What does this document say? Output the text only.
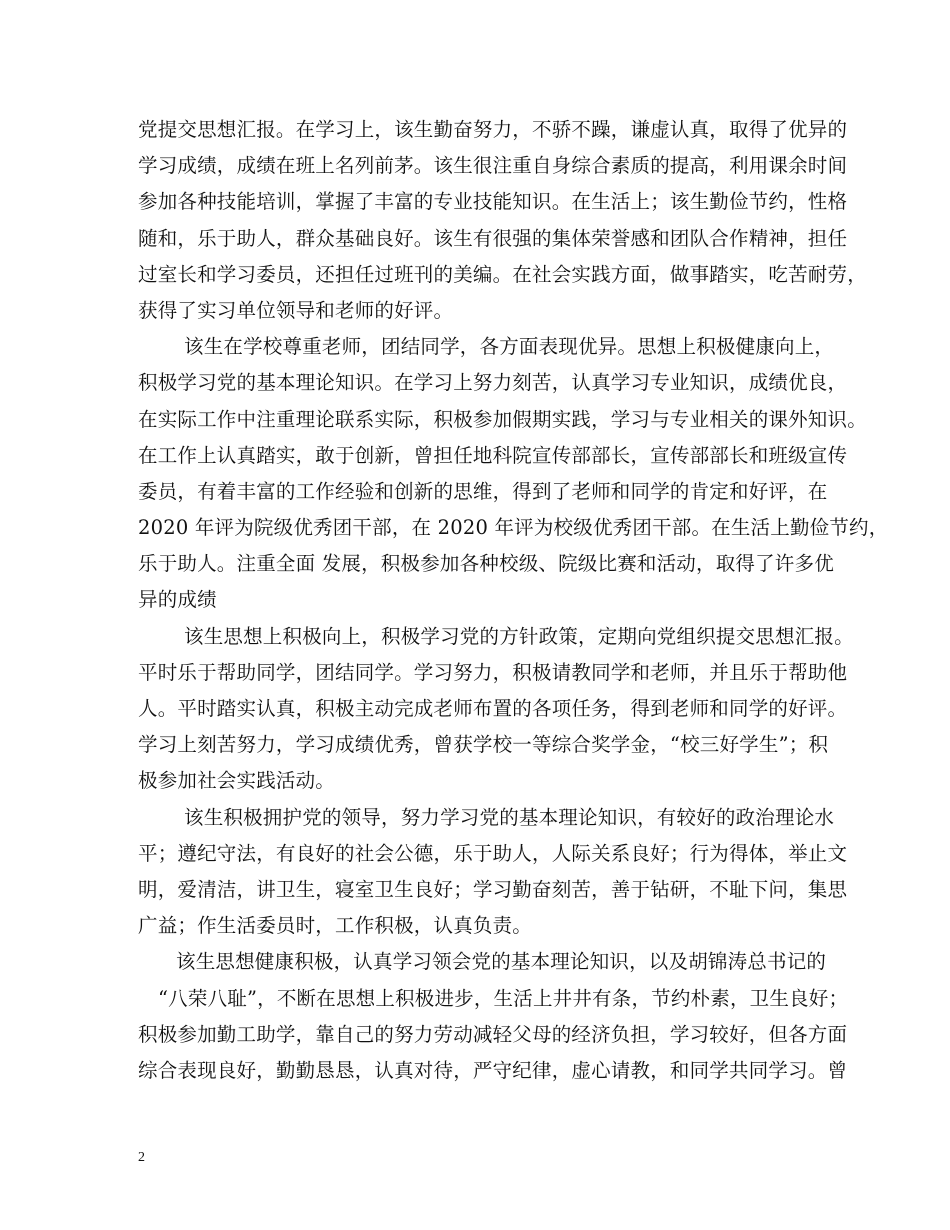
党提交思想汇报。在学习上，该生勤奋努力，不骄不躁，谦虚认真，取得了优异的
学习成绩，成绩在班上名列前茅。该生很注重自身综合素质的提高，利用课余时间
参加各种技能培训，掌握了丰富的专业技能知识。在生活上；该生勤俭节约，性格
随和，乐于助人，群众基础良好。该生有很强的集体荣誉感和团队合作精神，担任
过室长和学习委员，还担任过班刊的美编。在社会实践方面，做事踏实，吃苦耐劳，
获得了实习单位领导和老师的好评。
该生在学校尊重老师，团结同学，各方面表现优异。思想上积极健康向上，
积极学习党的基本理论知识。在学习上努力刻苦，认真学习专业知识，成绩优良，
在实际工作中注重理论联系实际，积极参加假期实践，学习与专业相关的课外知识。
在工作上认真踏实，敢于创新，曾担任地科院宣传部部长，宣传部部长和班级宣传
委员，有着丰富的工作经验和创新的思维，得到了老师和同学的肯定和好评，在
2020 年评为院级优秀团干部，在 2020 年评为校级优秀团干部。在生活上勤俭节约，
乐于助人。注重全面 发展，积极参加各种校级、院级比赛和活动，取得了许多优
异的成绩
该生思想上积极向上，积极学习党的方针政策，定期向党组织提交思想汇报。
平时乐于帮助同学，团结同学。学习努力，积极请教同学和老师，并且乐于帮助他
人。平时踏实认真，积极主动完成老师布置的各项任务，得到老师和同学的好评。
学习上刻苦努力，学习成绩优秀，曾获学校一等综合奖学金，“校三好学生”；积
极参加社会实践活动。
该生积极拥护党的领导，努力学习党的基本理论知识，有较好的政治理论水
平；遵纪守法，有良好的社会公德，乐于助人，人际关系良好；行为得体，举止文
明，爱清洁，讲卫生，寝室卫生良好；学习勤奋刻苦，善于钻研，不耻下问，集思
广益；作生活委员时，工作积极，认真负责。
该生思想健康积极，认真学习领会党的基本理论知识，以及胡锦涛总书记的
“八荣八耻”，不断在思想上积极进步，生活上井井有条，节约朴素，卫生良好；
积极参加勤工助学，靠自己的努力劳动减轻父母的经济负担，学习较好，但各方面
综合表现良好，勤勤恳恳，认真对待，严守纪律，虚心请教，和同学共同学习。曾
2
